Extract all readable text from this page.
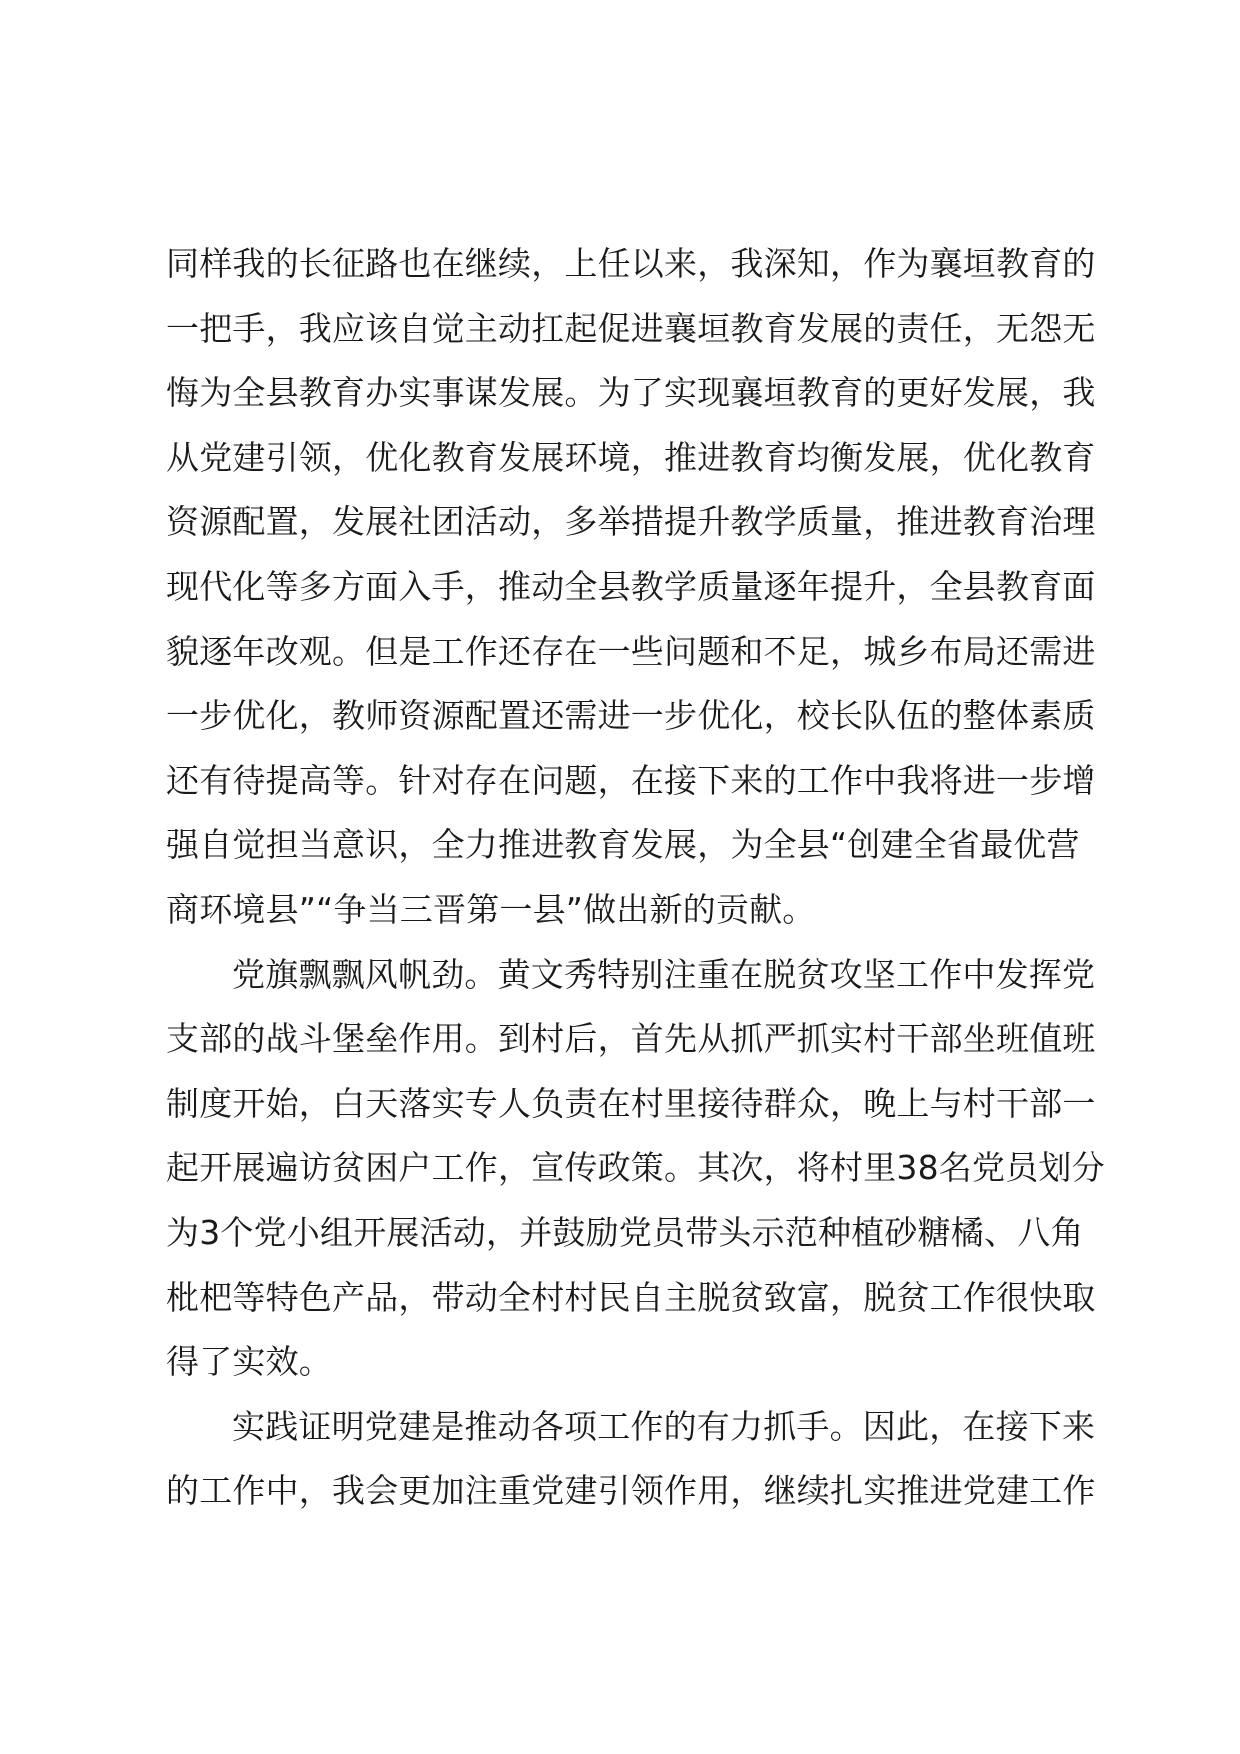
同样我的长征路也在继续，上任以来，我深知，作为襄垣教育的
一把手，我应该自觉主动扛起促进襄垣教育发展的责任，无怨无
悔为全县教育办实事谋发展。为了实现襄垣教育的更好发展，我
从党建引领，优化教育发展环境，推进教育均衡发展，优化教育
资源配置，发展社团活动，多举措提升教学质量，推进教育治理
现代化等多方面入手，推动全县教学质量逐年提升，全县教育面
貌逐年改观。但是工作还存在一些问题和不足，城乡布局还需进
一步优化，教师资源配置还需进一步优化，校长队伍的整体素质
还有待提高等。针对存在问题，在接下来的工作中我将进一步增
强自觉担当意识，全力推进教育发展，为全县“创建全省最优营
商环境县”“争当三晋第一县”做出新的贡献。
党旗飘飘风帆劲。黄文秀特别注重在脱贫攻坚工作中发挥党
支部的战斗堡垒作用。到村后，首先从抓严抓实村干部坐班值班
制度开始，白天落实专人负责在村里接待群众，晚上与村干部一
起开展遍访贫困户工作，宣传政策。其次，将村里38名党员划分
为3个党小组开展活动，并鼓励党员带头示范种植砂糖橘、八角
枇杷等特色产品，带动全村村民自主脱贫致富，脱贫工作很快取
得了实效。
实践证明党建是推动各项工作的有力抓手。因此，在接下来
的工作中，我会更加注重党建引领作用，继续扎实推进党建工作
